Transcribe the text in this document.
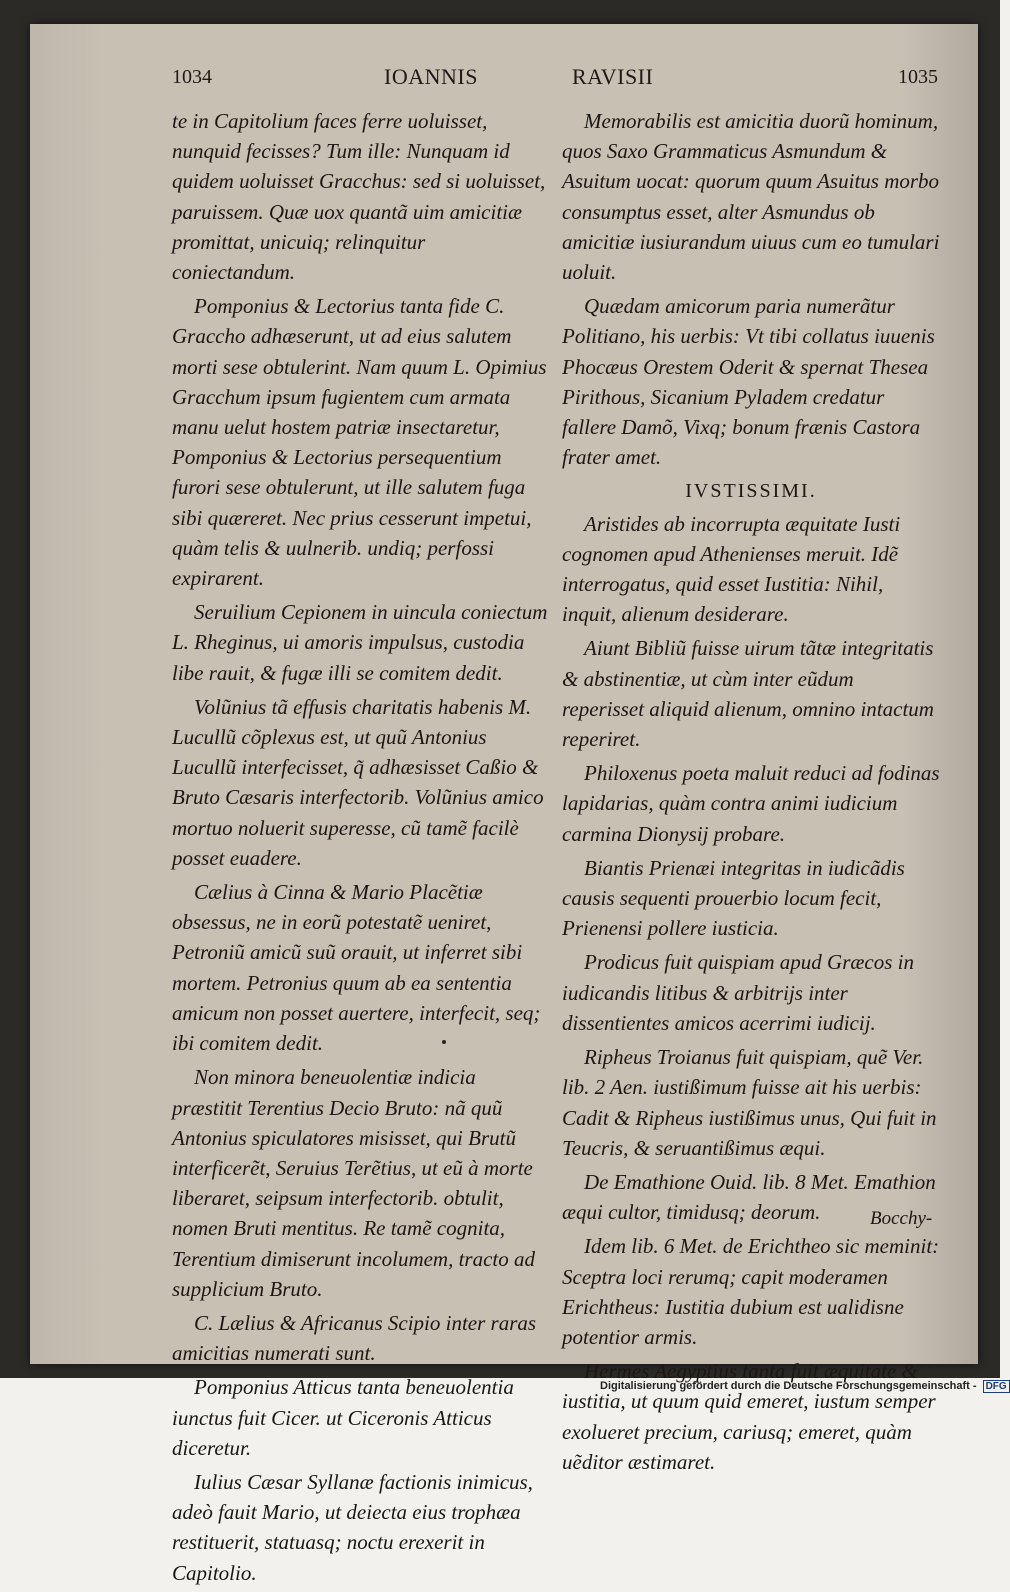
1034	IOANNIS	RAVISII	1035

te in Capitolium faces ferre uoluisset, nunquid fecisses? Tum ille: Nunquam id quidem uoluisset Gracchus: sed si uoluisset, paruissem. Quæ uox quantã uim amicitiæ promittat, unicuiq; relinquitur coniectandum.

Pomponius & Lectorius tanta fide C. Graccho adhæserunt, ut ad eius salutem morti sese obtulerint. Nam quum L. Opimius Gracchum ipsum fugientem cum armata manu uelut hostem patriæ insectaretur, Pomponius & Lectorius persequentium furori sese obtulerunt, ut ille salutem fuga sibi quæreret. Nec prius cesserunt impetui, quàm telis & uulnerib. undiq; perfossi expirarent.

Seruilium Cepionem in uincula coniectum L. Rheginus, ui amoris impulsus, custodia libe rauit, & fugæ illi se comitem dedit.

Volũnius tã effusis charitatis habenis M. Lucullũ cõplexus est, ut quũ Antonius Lucullũ interfecisset, q̃ adhæsisset Caßio & Bruto Cæsaris interfectorib. Volũnius amico mortuo noluerit superesse, cũ tamẽ facilè posset euadere.

Cælius à Cinna & Mario Placẽtiæ obsessus, ne in eorũ potestatẽ ueniret, Petroniũ amicũ suũ orauit, ut inferret sibi mortem. Petronius quum ab ea sententia amicum non posset auertere, interfecit, seq; ibi comitem dedit.

Non minora beneuolentiæ indicia præstitit Terentius Decio Bruto: nã quũ Antonius spiculatores misisset, qui Brutũ interficerẽt, Seruius Terẽtius, ut eũ à morte liberaret, seipsum interfectorib. obtulit, nomen Bruti mentitus. Re tamẽ cognita, Terentium dimiserunt incolumem, tracto ad supplicium Bruto.

C. Lælius & Africanus Scipio inter raras amicitias numerati sunt.

Pomponius Atticus tanta beneuolentia iunctus fuit Cicer. ut Ciceronis Atticus diceretur.

Iulius Cæsar Syllanæ factionis inimicus, adeò fauit Mario, ut deiecta eius trophæa restituerit, statuasq; noctu erexerit in Capitolio.

Memorabilis est amicitia duorũ hominum, quos Saxo Grammaticus Asmundum & Asuitum uocat: quorum quum Asuitus morbo consumptus esset, alter Asmundus ob amicitiæ iusiurandum uiuus cum eo tumulari uoluit.

Quædam amicorum paria numerãtur Politiano, his uerbis: Vt tibi collatus iuuenis Phocæus Orestem Oderit & spernat Thesea Pirithous, Sicanium Pyladem credatur fallere Damõ, Vixq; bonum frænis Castora frater amet.

IVSTISSIMI.

Aristides ab incorrupta æquitate Iusti cognomen apud Athenienses meruit. Idẽ interrogatus, quid esset Iustitia: Nihil, inquit, alienum desiderare.

Aiunt Bibliũ fuisse uirum tãtæ integritatis & abstinentiæ, ut cùm inter eũdum reperisset aliquid alienum, omnino intactum reperiret.

Philoxenus poeta maluit reduci ad fodinas lapidarias, quàm contra animi iudicium carmina Dionysij probare.

Biantis Prienæi integritas in iudicãdis causis sequenti prouerbio locum fecit, Prienensi pollere iusticia.

Prodicus fuit quispiam apud Græcos in iudicandis litibus & arbitrijs inter dissentientes amicos acerrimi iudicij.

Ripheus Troianus fuit quispiam, quẽ Ver. lib. 2 Aen. iustißimum fuisse ait his uerbis: Cadit & Ripheus iustißimus unus, Qui fuit in Teucris, & seruantißimus æqui.

De Emathione Ouid. lib. 8 Met. Emathion æqui cultor, timidusq; deorum.

Idem lib. 6 Met. de Erichtheo sic meminit: Sceptra loci rerumq; capit moderamen Erichtheus: Iustitia dubium est ualidisne potentior armis.

Hermes Aegyptius tanta fuit æquitate & iustitia, ut quum quid emeret, iustum semper exolueret precium, cariusq; emeret, quàm uẽditor æstimaret.

Bocchy-
Digitalisierung gefördert durch die Deutsche Forschungsgemeinschaft - DFG
